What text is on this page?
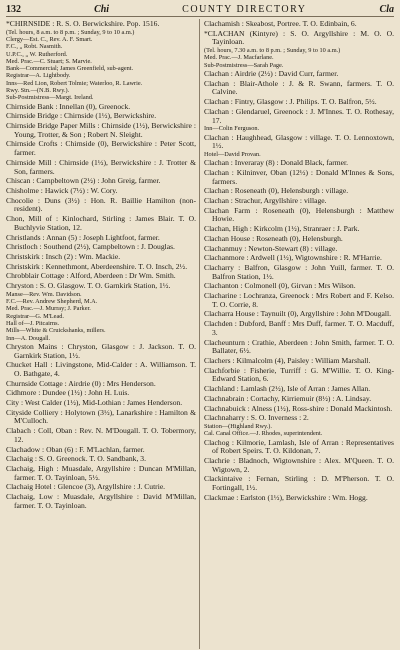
132	Chi	COUNTY DIRECTORY	Cla
*CHIRNSIDE : R. S. O. Berwickshire. Pop. 1516.
(Tel. hours, 8 a.m. to 8 p.m. ; Sunday, 9 to 10 a.m.)
Clergy—Est. C., Rev. A. F. Smart.
F.C., „ Robt. Nasmith.
U.P.C., „ W. Rutherford.
Med. Prac.—C. Stuart; S. Marvie.
Bank—Commercial; James Greenfield, sub-agent.
Registrar—A. Lightbody.
Inns—Red Lion, Robert Tolmie; Waterloo, R. Lawrie.
Rwy. Stn.—(N.B. Rwy.).
Sub-Postmistress—Margt. Ireland.
Chirnside Bank : Innellan (0), Greenock.
Chirnside Bridge : Chirnside (1½), Berwickshire.
Chirnside Bridge Paper Mills : Chirnside (1½), Berwickshire : Young, Trotter, & Son ; Robert N. Sleight.
Chirnside Crofts : Chirnside (0), Berwickshire : Peter Scott, farmer.
Chirnside Mill : Chirnside (1½), Berwickshire : J. Trotter & Son, farmers.
Chiscan : Campbeltown (2½) : John Greig, farmer.
Chisholme : Hawick (7½) : W. Cory.
Chocolie : Duns (3½) : Hon. R. Baillie Hamilton (non-resident).
Chon, Mill of : Kinlochard, Stirling : James Blair. T. O. Buchlyvie Station, 12.
Christlands : Annan (5) : Joseph Lightfoot, farmer.
Christloch : Southend (2½), Campbeltown : J. Douglas.
Christskirk : Insch (2) : Wm. Mackie.
Christskirk : Kennethmont, Aberdeenshire. T. O. Insch, 2½.
Chrobblair Cottage : Alford, Aberdeen : Dr Wm. Smith.
Chryston : S. O. Glasgow. T. O. Garnkirk Station, 1½.
Manse—Rev. Wm. Davidson.
F.C.—Rev. Andrew Shepherd, M.A.
Med. Prac.—J. Murray; J. Parker.
Registrar—G. M'Lead.
Hall of—J. Pitcairns.
Mills—White & Cruickshanks, millers.
Inn—A. Dougall.
Chryston Mains : Chryston, Glasgow : J. Jackson. T. O. Garnkirk Station, 1½.
Chucket Hall : Livingstone, Mid-Calder : A. Williamson. T. O. Bathgate, 4.
Churnside Cottage : Airdrie (0) : Mrs Henderson.
Cidhmore : Dundee (1½) : John H. Luis.
City : West Calder (1½), Mid-Lothian : James Henderson.
Cityside Colliery : Holytown (3½), Lanarkshire : Hamilton & M'Culloch.
Clabach : Coll, Oban : Rev. N. M'Dougall. T. O. Tobermory, 12.
Clachadow : Oban (6) : F. M'Lachlan, farmer.
Clachaig : S. O. Greenock. T. O. Sandbank, 3.
Clachaig, High : Muasdale, Argyllshire : Duncan M'Millan, farmer. T. O. Tayinloan, 5½.
Clachaig Hotel : Glencoe (3), Argyllshire : J. Cutrie.
Clachaig, Low : Muasdale, Argyllshire : David M'Millan, farmer. T. O. Tayinloan.
Clachamish : Skeabost, Portree. T. O. Edinbain, 6.
*CLACHAN (Kintyre) : S. O. Argyllshire : M. O. O. Tayinloan.
(Tel. hours, 7.30 a.m. to 8 p.m. ; Sunday, 9 to 10 a.m.)
Med. Prac.—J. Macfarlane.
Sub-Postmistress—Sarah Page.
Clachan : Airdrie (2½) : David Curr, farmer.
Clachan : Blair-Athole : J. & R. Swann, farmers. T. O. Calvine.
Clachan : Fintry, Glasgow : J. Philips. T. O. Balfron, 5½.
Clachan : Glendaruel, Greenock : J. M'Innes. T. O. Rothesay, 17.
Inn—Colin Ferguson.
Clachan : Haughhead, Glasgow : village. T. O. Lennoxtown, 1½.
Hotel—David Provan.
Clachan : Inveraray (8) : Donald Black, farmer.
Clachan : Kilninver, Oban (12½) : Donald M'Innes & Sons, farmers.
Clachan : Roseneath (0), Helensburgh : village.
Clachan : Strachur, Argyllshire : village.
Clachan Farm : Roseneath (0), Helensburgh : Matthew Howie.
Clachan, High : Kirkcolm (1½), Stranraer : J. Park.
Clachan House : Roseneath (0), Helensburgh.
Clachanmuy : Newton-Stewart (8) : village.
Clachanmore : Ardwell (1½), Wigtownshire : R. M'Harrie.
Clacharry : Balfron, Glasgow : John Yuill, farmer. T. O. Balfron Station, 1½.
Clachanton : Colmonell (0), Girvan : Mrs Wilson.
Clacharine : Lochranza, Greenock : Mrs Robert and F. Kelso. T. O. Corrie, 8.
Clacharra House : Taynuilt (0), Argyllshire : John M'Dougall.
Clachden : Dubford, Banff : Mrs Duff, farmer. T. O. Macduff, 3.
Clacheunturn : Crathie, Aberdeen : John Smith, farmer. T. O. Ballater, 6½.
Clachers : Kilmalcolm (4), Paisley : William Marshall.
Clachforbie : Fisherie, Turriff : G. M'Willie. T. O. King-Edward Station, 6.
Clachland : Lamlash (2½), Isle of Arran : James Allan.
Clachnabrain : Cortachy, Kirriemuir (8½) : A. Lindsay.
Clachnabuick : Alness (1½), Ross-shire : Donald Mackintosh.
Clachnaharry : S. O. Inverness : 2.
Station—(Highland Rwy.).
Cal. Canal Office.—J. Rhodes, superintendent.
Clachog : Kilmorie, Lamlash, Isle of Arran : Representatives of Robert Speirs. T. O. Kildonan, 7.
Clachrie : Bladnoch, Wigtownshire : Alex. M'Queen. T. O. Wigtown, 2.
Clackintaive : Fernan, Stirling : D. M'Pherson. T. O. Fortingall, 1½.
Clackmae : Earlston (1½), Berwickshire : Wm. Hogg.
